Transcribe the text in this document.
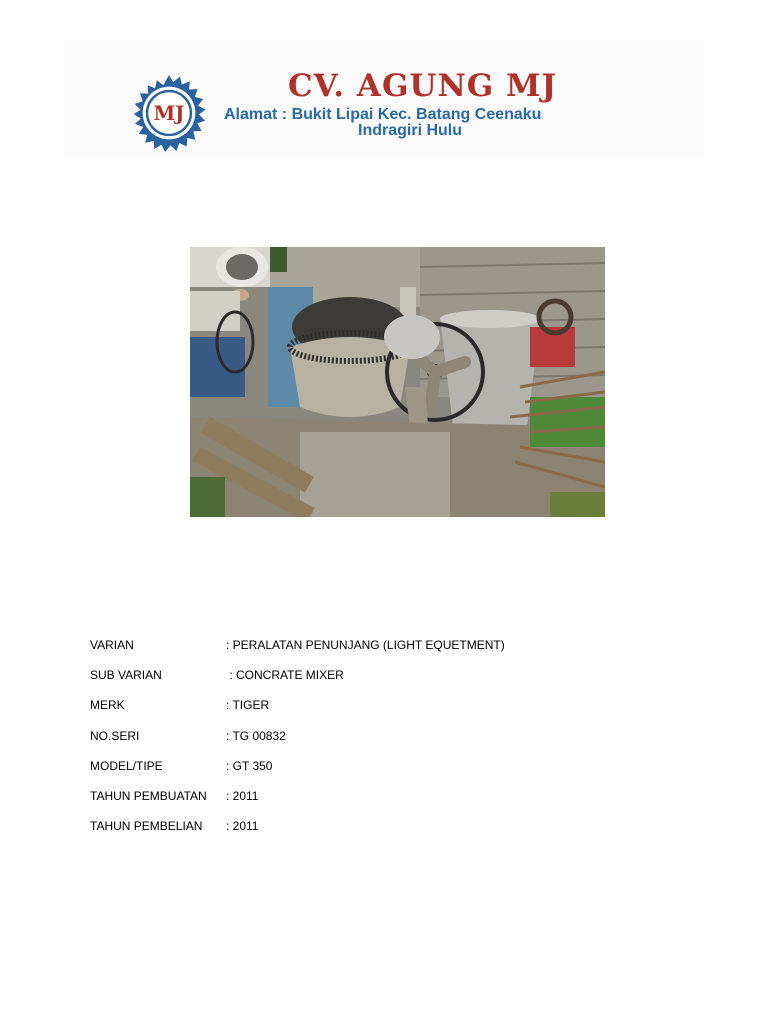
MJ
CV. AGUNG MJ
Alamat : Bukit Lipai Kec. Batang Ceenaku
Indragiri Hulu
VARIAN	: PERALATAN PENUNJANG (LIGHT EQUETMENT)
SUB VARIAN	: CONCRATE MIXER
MERK	: TIGER
NO.SERI	: TG 00832
MODEL/TIPE	: GT 350
TAHUN PEMBUATAN : 2011
TAHUN PEMBELIAN : 2011
